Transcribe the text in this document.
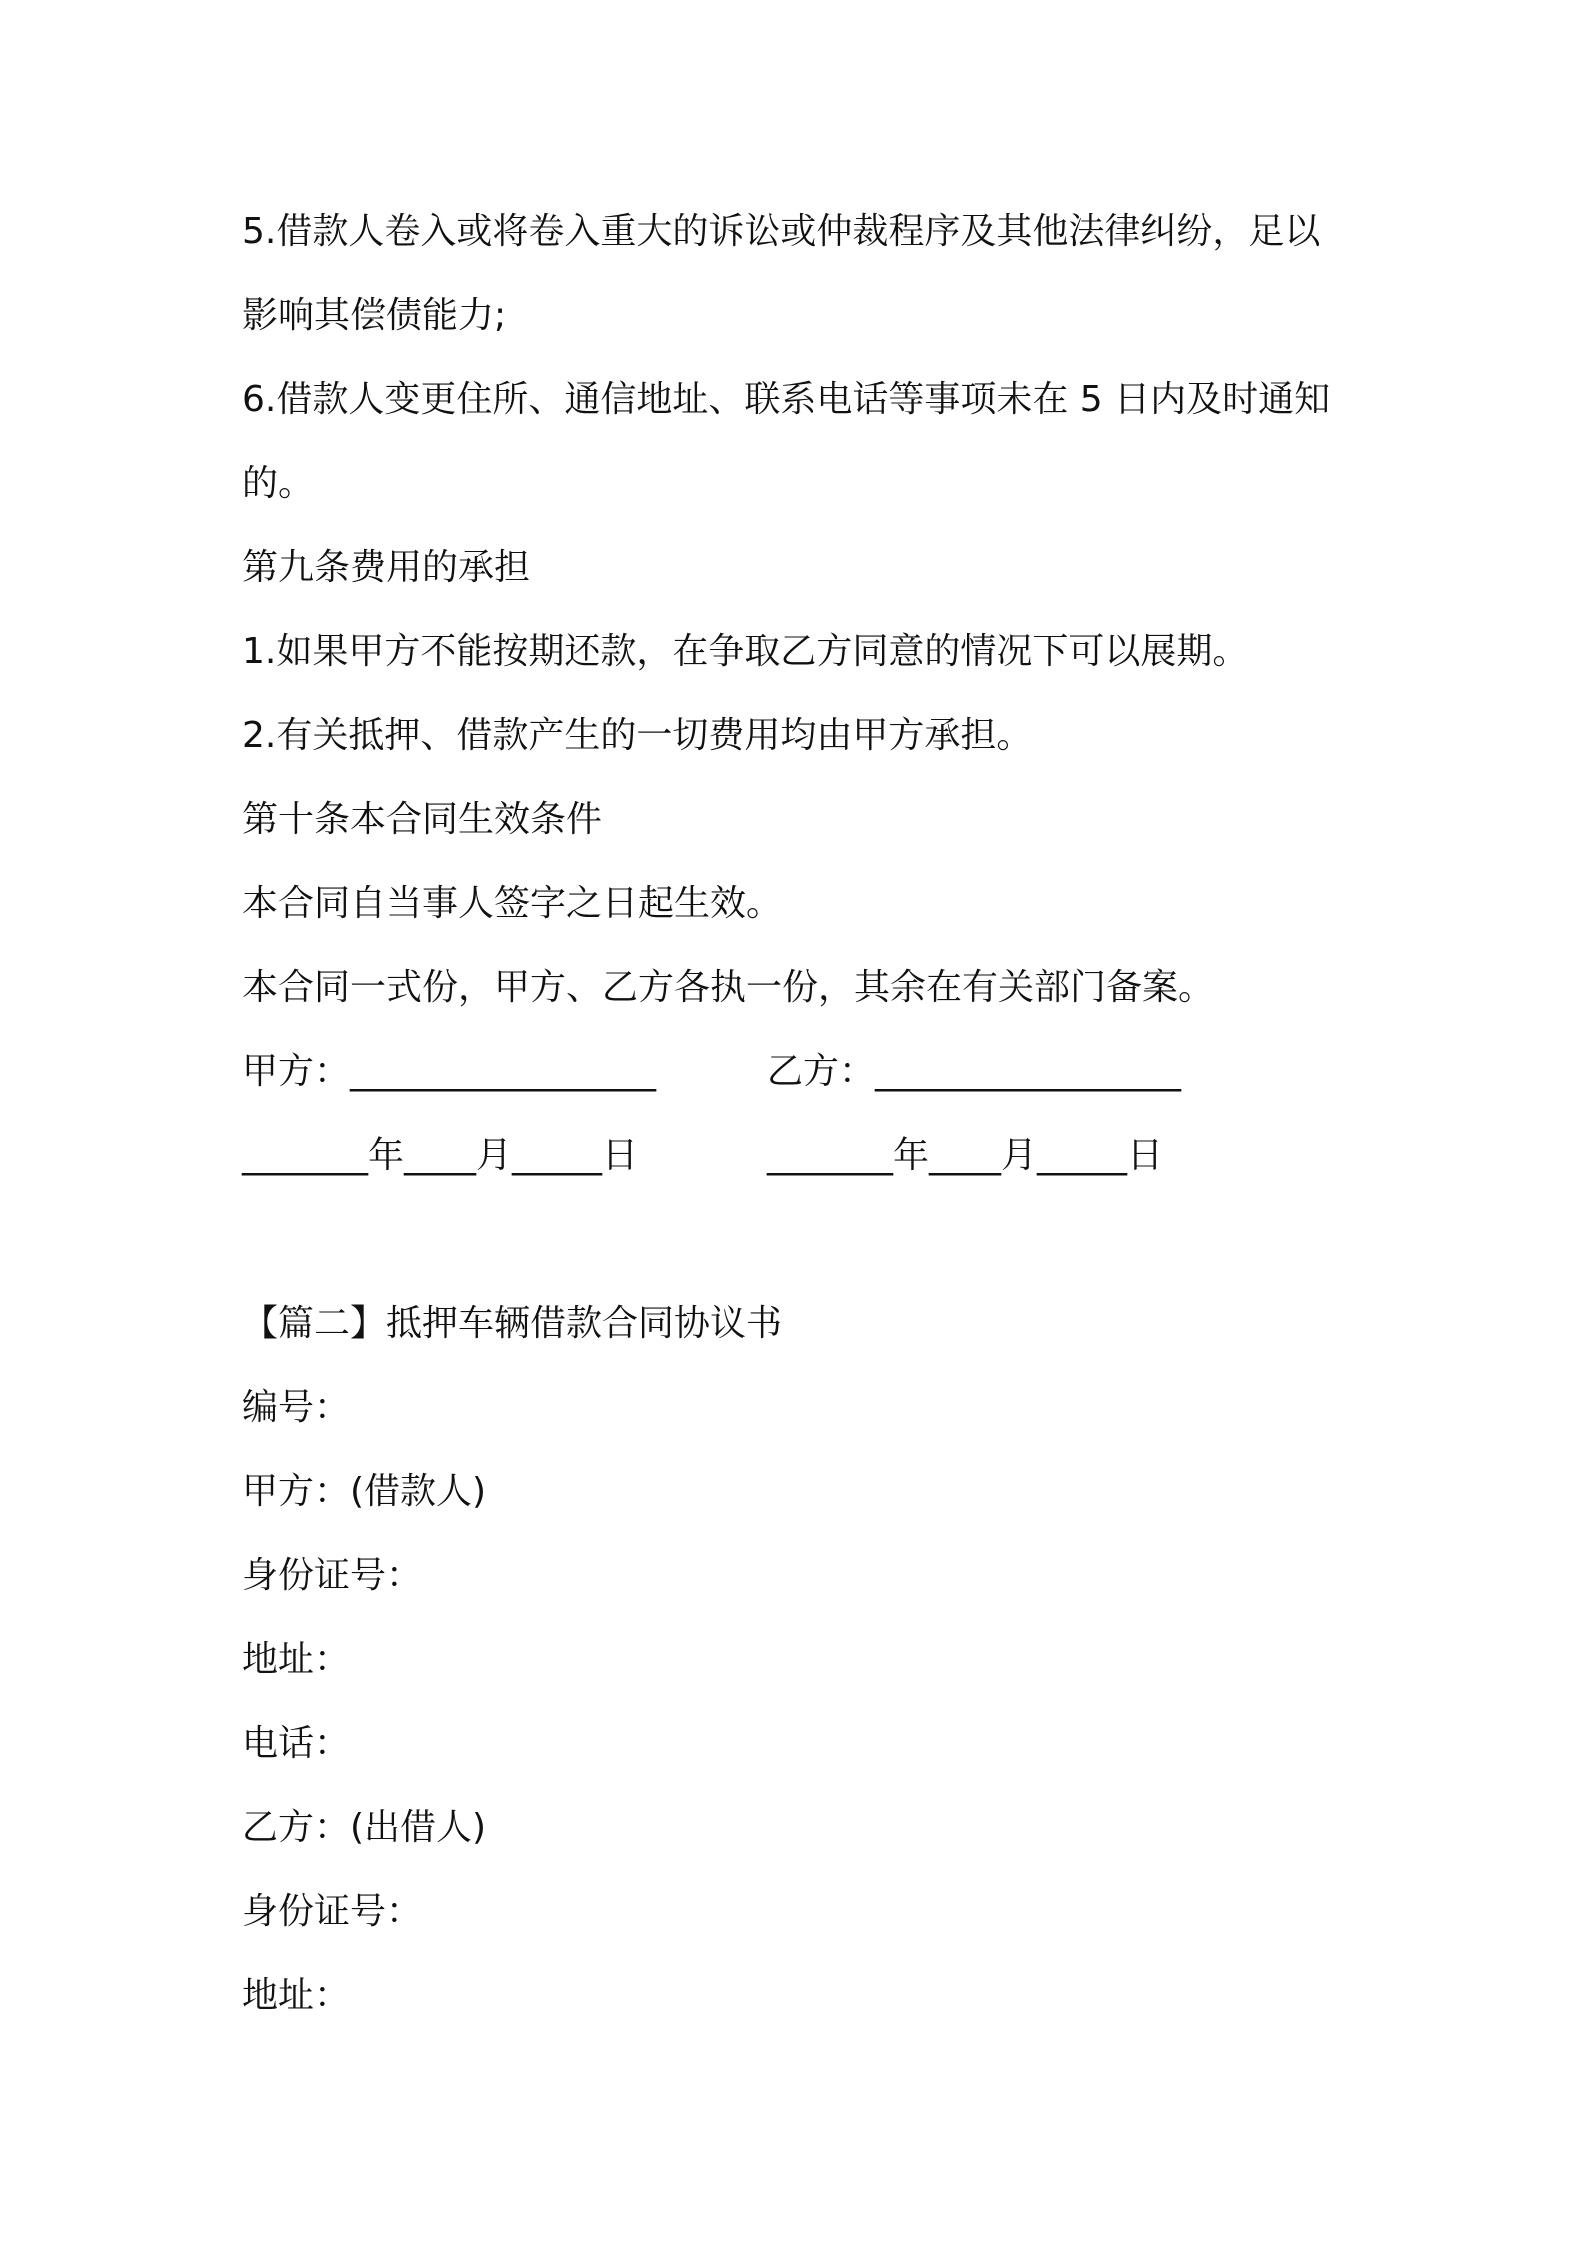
5.借款人卷入或将卷入重大的诉讼或仲裁程序及其他法律纠纷，足以

影响其偿债能力;

6.借款人变更住所、通信地址、联系电话等事项未在 5 日内及时通知

的。

第九条费用的承担

1.如果甲方不能按期还款，在争取乙方同意的情况下可以展期。

2.有关抵押、借款产生的一切费用均由甲方承担。

第十条本合同生效条件

本合同自当事人签字之日起生效。

本合同一式份，甲方、乙方各执一份，其余在有关部门备案。

甲方：_________________	乙方：_________________
_______年____月_____日	_______年____月_____日

【篇二】抵押车辆借款合同协议书

编号：

甲方：(借款人)

身份证号：

地址：

电话：

乙方：(出借人)

身份证号：

地址：
